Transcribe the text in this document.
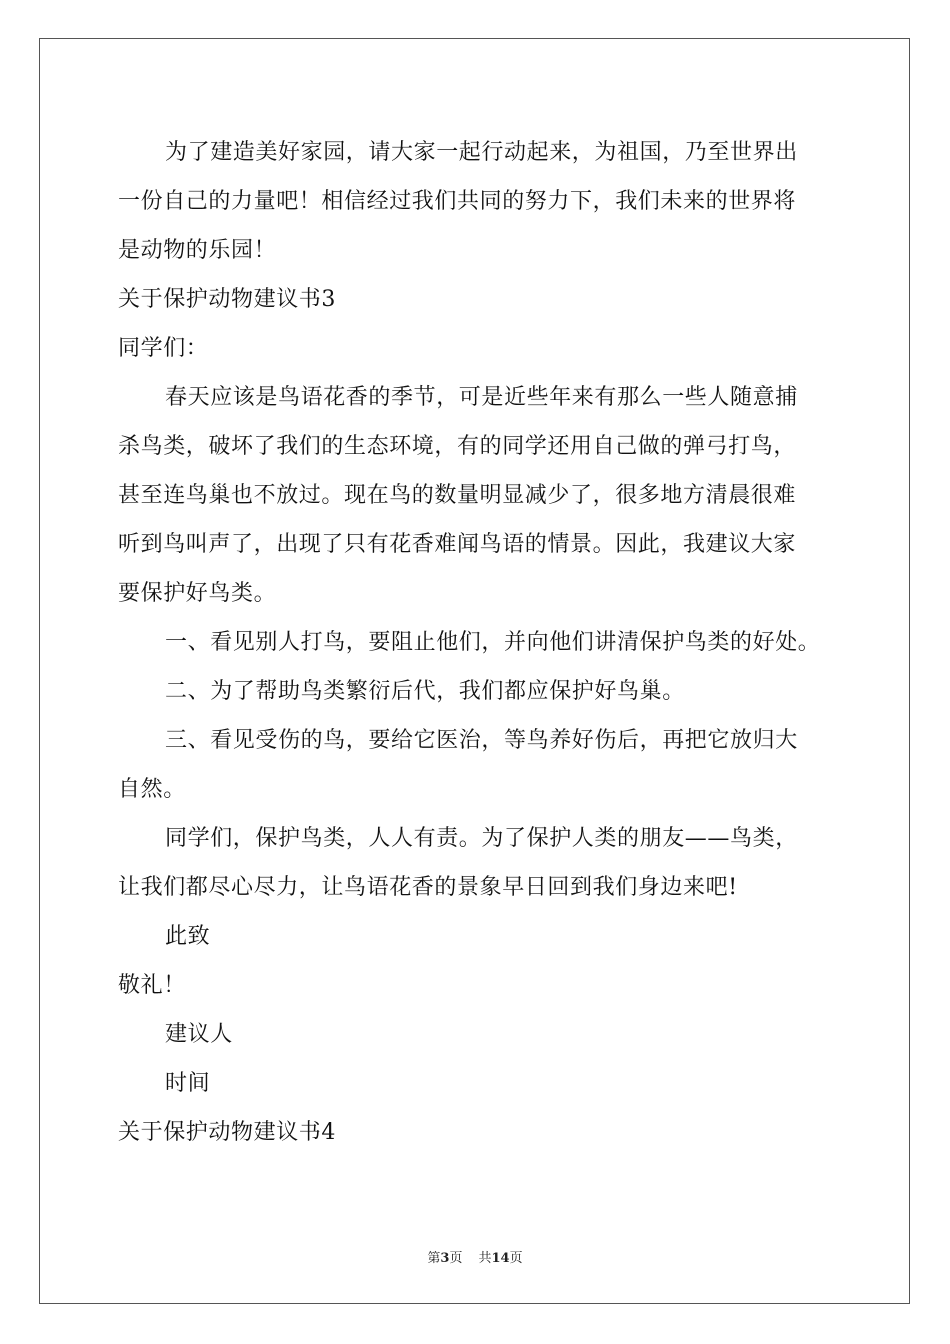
为了建造美好家园，请大家一起行动起来，为祖国，乃至世界出
一份自己的力量吧！相信经过我们共同的努力下，我们未来的世界将
是动物的乐园！
关于保护动物建议书3
同学们：
春天应该是鸟语花香的季节，可是近些年来有那么一些人随意捕
杀鸟类，破坏了我们的生态环境，有的同学还用自己做的弹弓打鸟，
甚至连鸟巢也不放过。现在鸟的数量明显减少了，很多地方清晨很难
听到鸟叫声了，出现了只有花香难闻鸟语的情景。因此，我建议大家
要保护好鸟类。
一、看见别人打鸟，要阻止他们，并向他们讲清保护鸟类的好处。
二、为了帮助鸟类繁衍后代，我们都应保护好鸟巢。
三、看见受伤的鸟，要给它医治，等鸟养好伤后，再把它放归大
自然。
同学们，保护鸟类，人人有责。为了保护人类的朋友——鸟类，
让我们都尽心尽力，让鸟语花香的景象早日回到我们身边来吧!
此致
敬礼！
建议人
时间
关于保护动物建议书4
第3页 共14页
